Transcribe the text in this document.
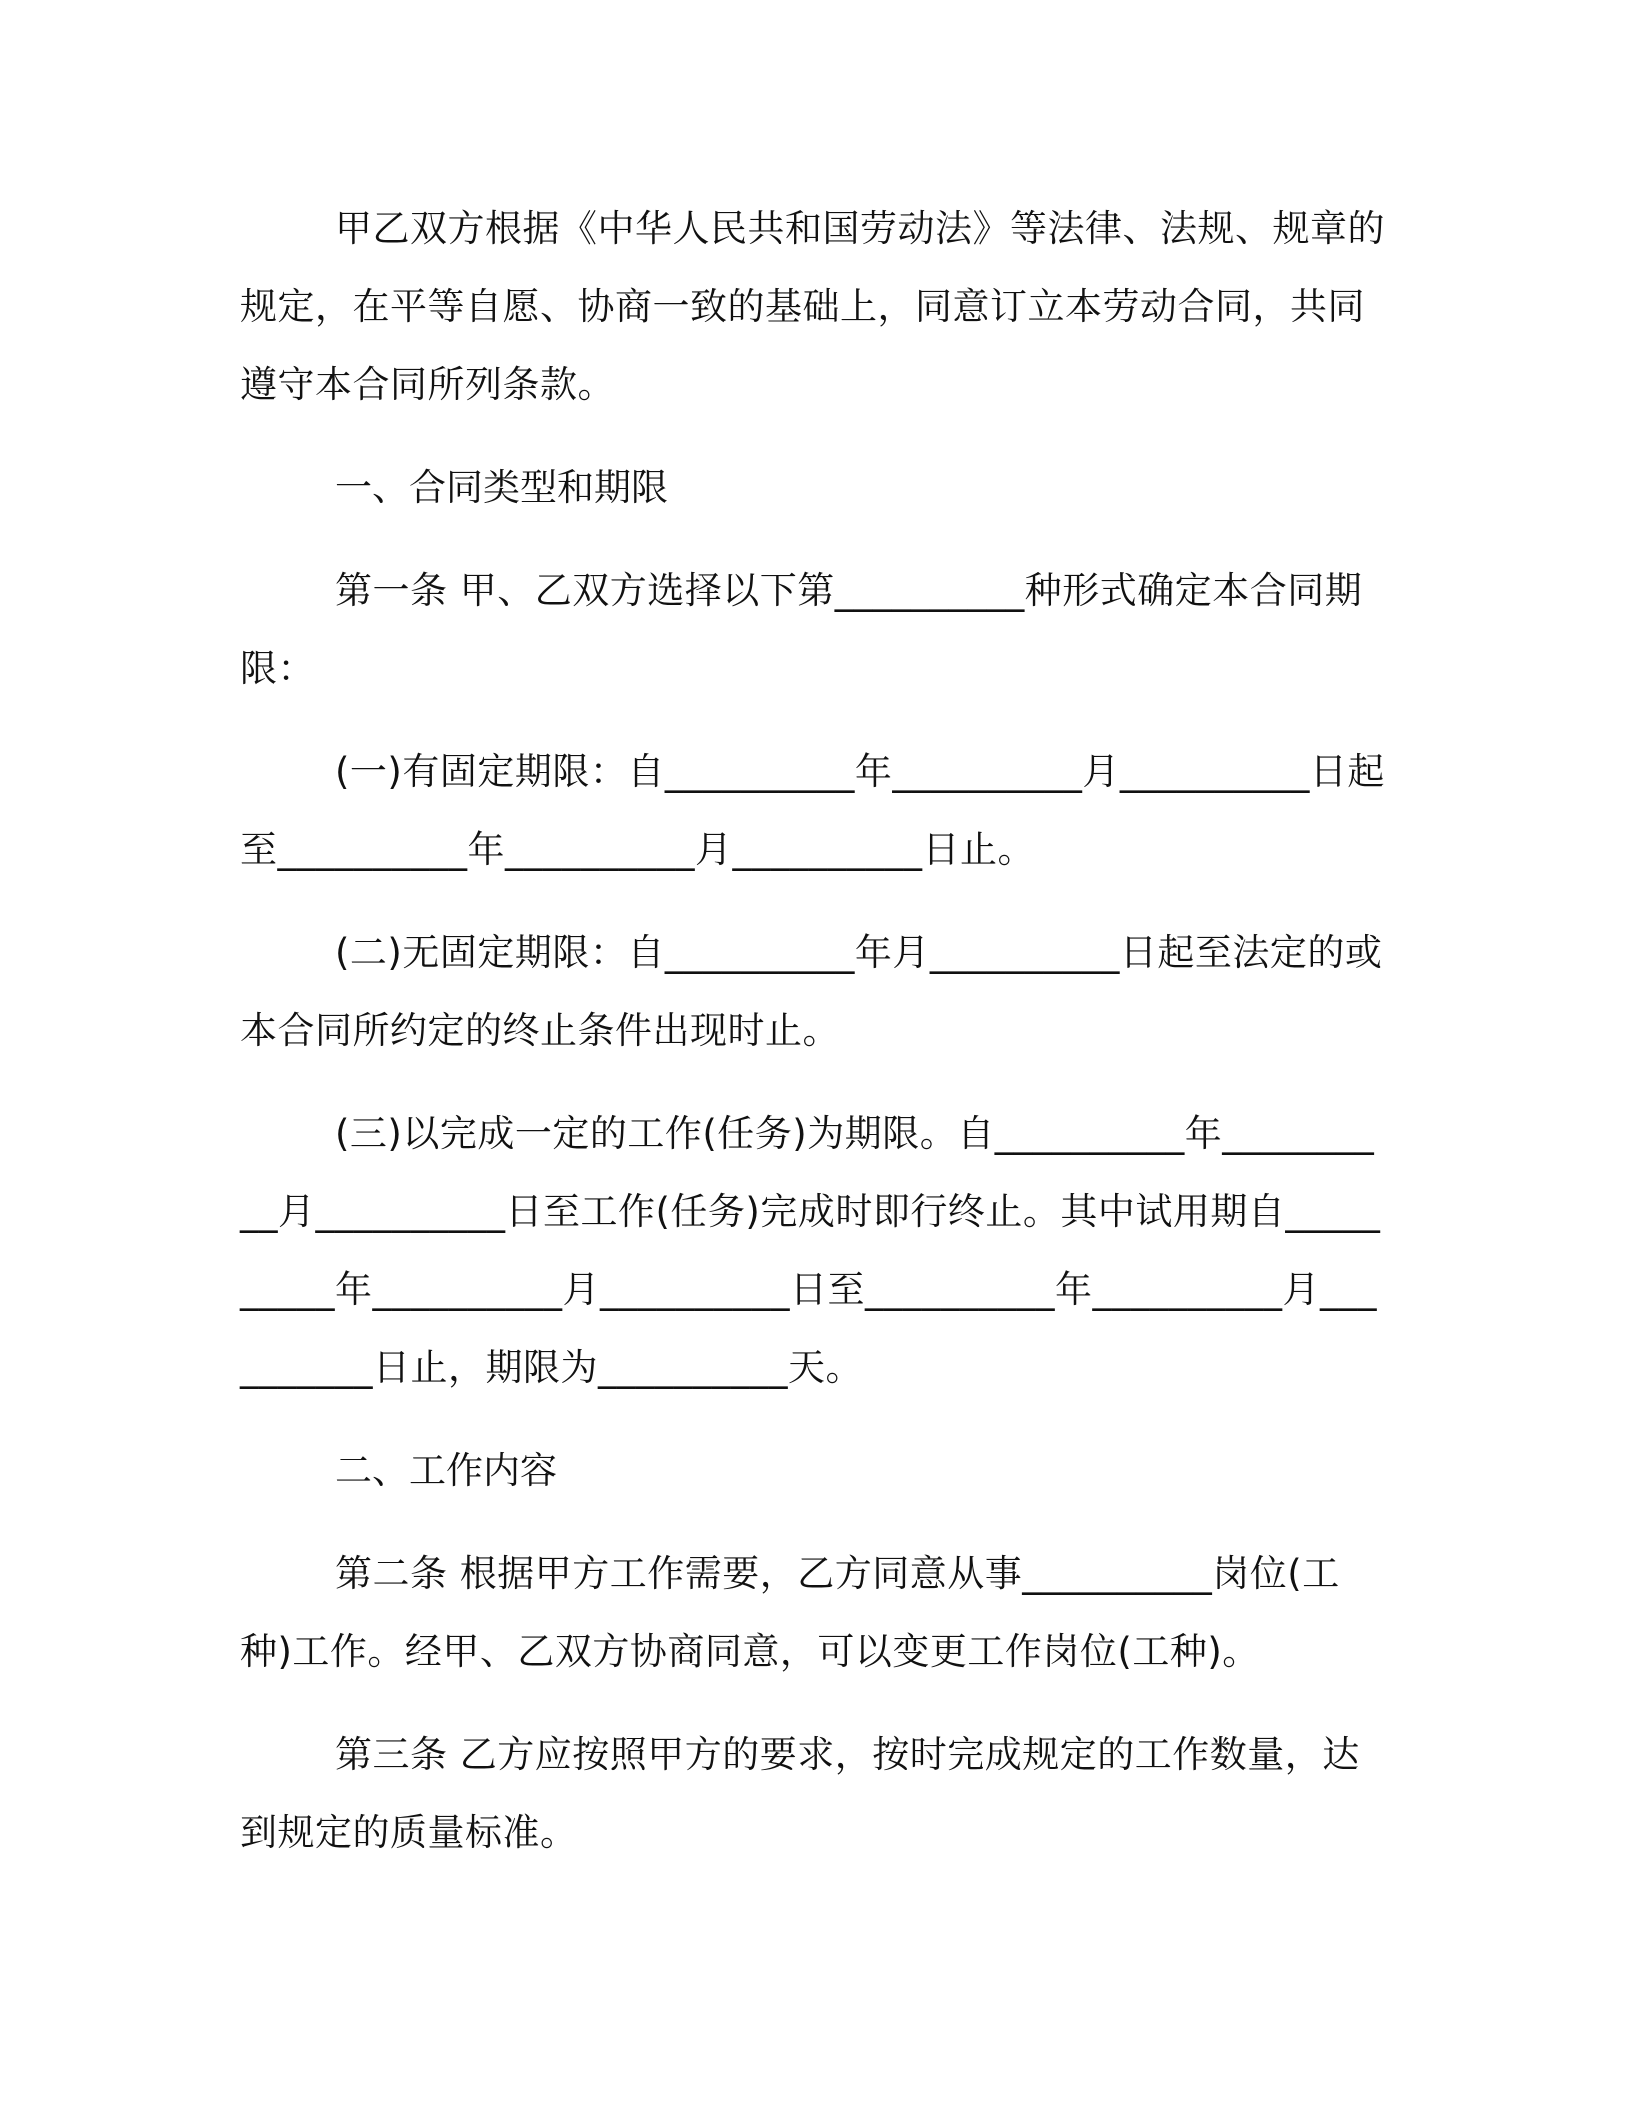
甲乙双方根据《中华人民共和国劳动法》等法律、法规、规章的规定，在平等自愿、协商一致的基础上，同意订立本劳动合同，共同遵守本合同所列条款。

一、合同类型和期限

第一条 甲、乙双方选择以下第__________种形式确定本合同期限：

(一)有固定期限：自__________年__________月__________日起至__________年__________月__________日止。

(二)无固定期限：自__________年月__________日起至法定的或本合同所约定的终止条件出现时止。

(三)以完成一定的工作(任务)为期限。自__________年__________月__________日至工作(任务)完成时即行终止。其中试用期自__________年__________月__________日至__________年__________月__________日止，期限为__________天。

二、工作内容

第二条 根据甲方工作需要，乙方同意从事__________岗位(工种)工作。经甲、乙双方协商同意，可以变更工作岗位(工种)。

第三条 乙方应按照甲方的要求，按时完成规定的工作数量，达到规定的质量标准。
